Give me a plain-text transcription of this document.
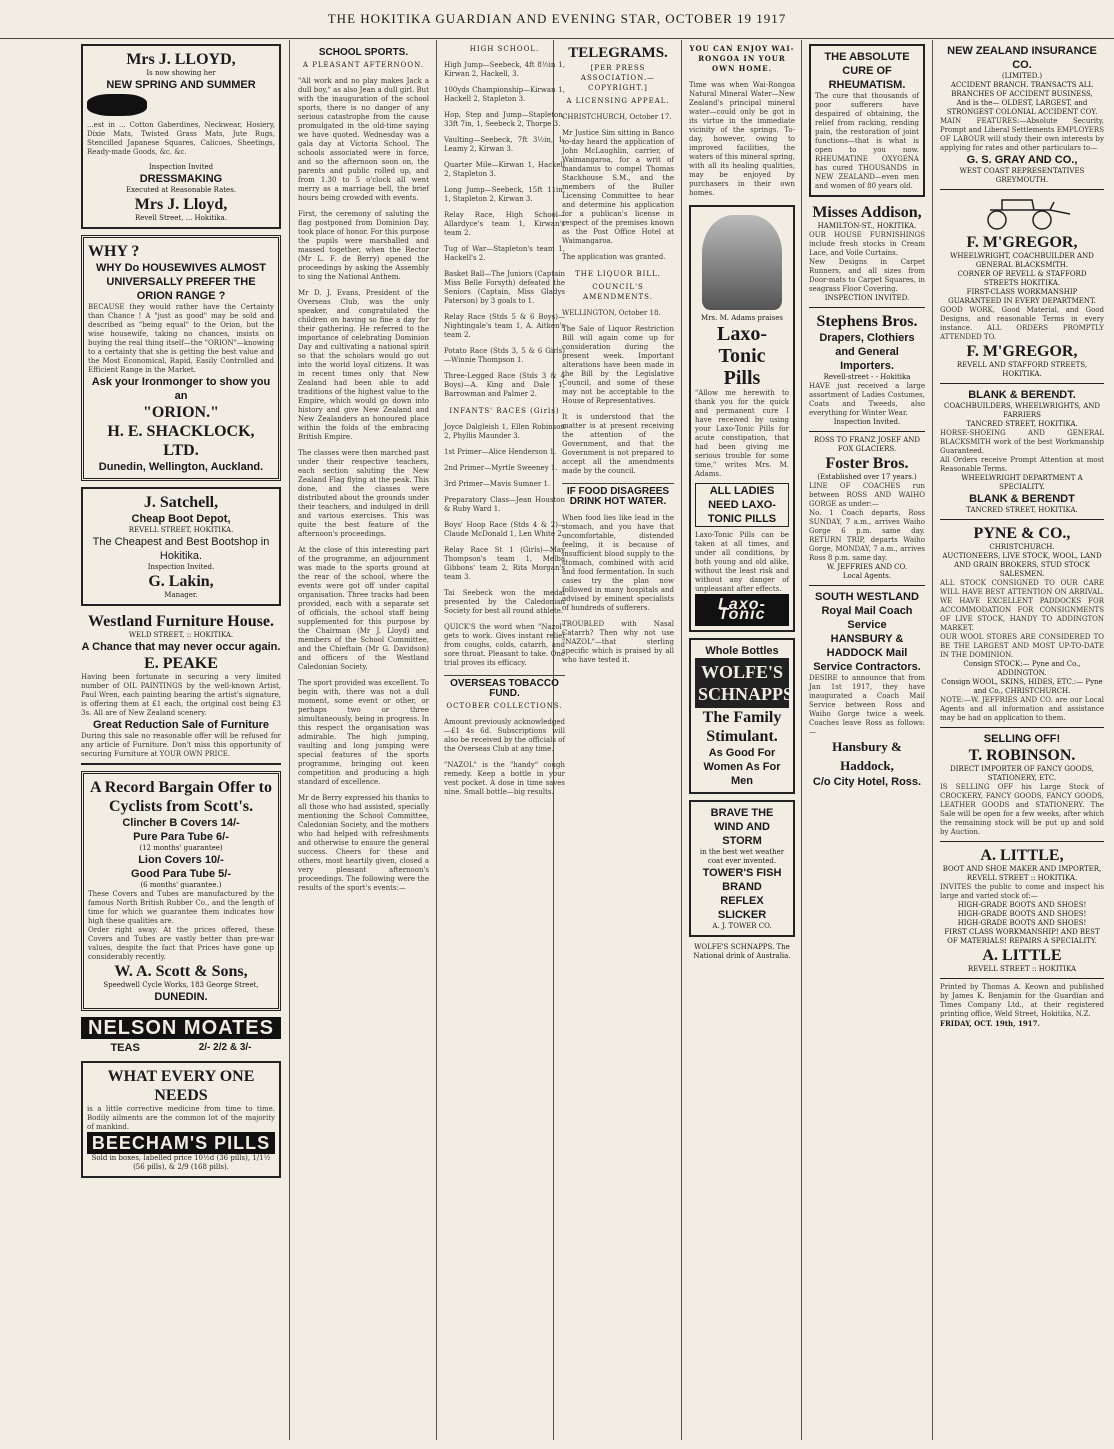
THE HOKITIKA GUARDIAN AND EVENING STAR, OCTOBER 19 1917
Mrs J. LLOYD,
Is now showing her
NEW SPRING AND SUMMER
...est in ... Cotton Gaberdines, Neckwear, Hosiery, Dixie Mats, Twisted Grass Mats, Jute Rugs, Stencilled Japanese Squares, Calicoes, Sheetings, Ready-made Goods, &c. &c.
Inspection Invited
DRESSMAKING
Executed at Reasonable Rates.
Mrs J. Lloyd,
Revell Street, ... Hokitika.
WHY ?
WHY Do HOUSEWIVES ALMOST UNIVERSALLY PREFER THE ORION RANGE ?
BECAUSE they would rather have the Certainty than Chance ! A "just as good" may be sold and described as "being equal" to the Orion, but the wise housewife, taking no chances, insists on buying the real thing itself—the "ORION"—knowing to a certainty that she is getting the best value and the Most Economical, Rapid, Easily Controlled and Efficient Range in the Market.
Ask your Ironmonger to show you an
"ORION."
H. E. SHACKLOCK, LTD.
Dunedin, Wellington, Auckland.
J. Satchell,
Cheap Boot Depot,
REVELL STREET, HOKITIKA.
The Cheapest and Best Bootshop in Hokitika.
Inspection Invited.
G. Lakin,
Manager.
Westland Furniture House.
WELD STREET, :: HOKITIKA.
A Chance that may never occur again.
E. PEAKE
Having been fortunate in securing a very limited number of OIL PAINTINGS by the well-known Artist, Paul Wren, each painting bearing the artist's signature, is offering them at £1 each, the original cost being £3 3s. All are of New Zealand scenery.
Great Reduction Sale of Furniture
During this sale no reasonable offer will be refused for any article of Furniture. Don't miss this opportunity of securing Furniture at YOUR OWN PRICE.
A Record Bargain Offer to Cyclists from Scott's.
Clincher B Covers 14/-
Pure Para Tube 6/-
(12 months' guarantee)
Lion Covers 10/-
Good Para Tube 5/-
(6 months' guarantee.)
These Covers and Tubes are manufactured by the famous North British Rubber Co., and the length of time for which we guarantee them indicates how high these qualities are.
Order right away. At the prices offered, these Covers and Tubes are vastly better than pre-war values, despite the fact that Prices have gone up considerably recently.
W. A. Scott & Sons,
Speedwell Cycle Works, 183 George Street,
DUNEDIN.
NELSON MOATES
TEAS	2/- 2/2 & 3/-
WHAT EVERY ONE NEEDS
is a little corrective medicine from time to time. Bodily ailments are the common lot of the majority of mankind.
BEECHAM'S PILLS
Sold in boxes, labelled price 10½d (36 pills), 1/1½ (56 pills), & 2/9 (168 pills).
SCHOOL SPORTS.
A PLEASANT AFTERNOON.

"All work and no play makes Jack a dull boy," as also Jean a dull girl. But with the inauguration of the school sports, there is no danger of any serious catastrophe from the cause promulgated in the old-time saying we have quoted. Wednesday was a gala day at Victoria School. The schools associated were in force, and so the afternoon soon on, the parents and public rolled up, and from 1.30 to 5 o'clock all went merry as a marriage bell, the brief hours being crowded with events.

First, the ceremony of saluting the flag postponed from Dominion Day, took place of honor. For this purpose the pupils were marshalled and massed together, when the Rector (Mr L. F. de Berry) opened the proceedings by asking the Assembly to sing the National Anthem.

Mr D. J. Evans, President of the Overseas Club, was the only speaker, and congratulated the children on having so fine a day for their gathering. He referred to the importance of celebrating Dominion Day and cultivating a national spirit so that the scholars would go out into the world loyal citizens. It was in recent times only that New Zealand had been able to add traditions of the highest value to the Empire, which would go down into history and give New Zealand and New Zealanders an honoured place within the folds of the embracing British Empire.

The classes were then marched past under their respective teachers, each section saluting the New Zealand Flag flying at the peak. This done, and the classes were distributed about the grounds under their teachers, and indulged in drill and various exercises. This was quite the best feature of the afternoon's proceedings.

At the close of this interesting part of the programme, an adjournment was made to the sports ground at the rear of the school, where the events were got off under capital organisation. Three tracks had been provided, each with a separate set of officials, the school staff being supplemented for this purpose by the Chairman (Mr J. Lloyd) and members of the School Committee, and the Chieftain (Mr G. Davidson) and officers of the Westland Caledonian Society.

The sport provided was excellent. To begin with, there was not a dull moment, some event or other, or perhaps two or three simultaneously, being in progress. In this respect the organisation was admirable. The high jumping, vaulting and long jumping were special features of the sports programme, bringing out keen competition and producing a high standard of excellence.

Mr de Berry expressed his thanks to all those who had assisted, specially mentioning the School Committee, Caledonian Society, and the mothers who had helped with refreshments and otherwise to ensure the general success. Cheers for these and others, most heartily given, closed a very pleasant afternoon's proceedings. The following were the results of the sport's events:—

HIGH SCHOOL.

High Jump—Seebeck, 4ft 8½in 1, Kirwan 2, Hackell, 3.

100yds Championship—Kirwan 1, Hackell 2, Stapleton 3.

Hop, Step and Jump—Stapleton, 33ft 7in, 1, Seebeck 2, Thorpe 3.

Vaulting—Seebeck, 7ft 3½in, 1, Leamy 2, Kirwan 3.

Quarter Mile—Kirwan 1, Hackell 2, Stapleton 3.

Long Jump—Seebeck, 15ft 11in, 1, Stapleton 2, Kirwan 3.

Relay Race, High School—Allardyce's team 1, Kirwan's team 2.

Tug of War—Stapleton's team 1, Hackell's 2.

Basket Ball—The Juniors (Captain Miss Belle Forsyth) defeated the Seniors (Captain, Miss Gladys Paterson) by 3 goals to 1.

Relay Race (Stds 5 & 6 Boys)—Nightingale's team 1, A. Aitken's team 2.

Potato Race (Stds 3, 5 & 6 Girls)—Winnie Thompson 1.

Three-Legged Race (Stds 3 & 4 Boys)—A. King and Dale 1, Barrowman and Palmer 2.

INFANTS' RACES (Girls)

Joyce Dalgleish 1, Ellen Robinson 2, Phyllis Maunder 3.

1st Primer—Alice Henderson 1.

2nd Primer—Myrtle Sweeney 1.

3rd Primer—Mavis Sumner 1.

Preparatory Class—Jean Houston & Ruby Ward 1.

Boys' Hoop Race (Stds 4 & 2)—Claude McDonald 1, Len White 2.

Relay Race St 1 (Girls)—May Thompson's team 1, Melba Gibbons' team 2, Rita Morgan's team 3.

Tai Seebeck won the medal presented by the Caledonian Society for best all round athlete.

QUICK'S the word when "Nazol" gets to work. Gives instant relief from coughs, colds, catarrh, and sore throat. Pleasant to take. One trial proves its efficacy.

OVERSEAS TOBACCO FUND.
OCTOBER COLLECTIONS.

Amount previously acknowledged—£1 4s 6d. Subscriptions will also be received by the officials of the Overseas Club at any time.

"NAZOL" is the "handy" cough remedy. Keep a bottle in your vest pocket. A dose in time saves nine. Small bottle—big results.

TELEGRAMS.
[PER PRESS ASSOCIATION.—COPYRIGHT.]
A LICENSING APPEAL.

CHRISTCHURCH, October 17.

Mr Justice Sim sitting in Banco to-day heard the application of John McLaughlin, carrier, of Waimangaroa, for a writ of mandamus to compel Thomas Stackhouse S.M., and the members of the Buller Licensing Committee to hear and determine his application for a publican's license in respect of the premises known as the Post Office Hotel at Waimangaroa.

The application was granted.

THE LIQUOR BILL.
COUNCIL'S AMENDMENTS.

WELLINGTON, October 18.

The Sale of Liquor Restriction Bill will again come up for consideration during the present week. Important alterations have been made in the Bill by the Legislative Council, and some of these may not be acceptable to the House of Representatives.

It is understood that the matter is at present receiving the attention of the Government, and that the Government is not prepared to accept all the amendments made by the council.

IF FOOD DISAGREES DRINK HOT WATER.

When food lies like lead in the stomach, and you have that uncomfortable, distended feeling, it is because of insufficient blood supply to the stomach, combined with acid and food fermentation. In such cases try the plan now followed in many hospitals and advised by eminent specialists of hundreds of sufferers.

TROUBLED with Nasal Catarrh? Then why not use "NAZOL"—that sterling specific which is praised by all who have tested it.

YOU CAN ENJOY WAI-RONGOA IN YOUR OWN HOME.

Time was when Wai-Rongoa Natural Mineral Water—New Zealand's principal mineral water—could only be got in its virtue in the immediate vicinity of the springs. To-day, however, owing to improved facilities, the waters of this mineral spring, with all its healing qualities, may be enjoyed by purchasers in their own homes.

Mrs. M. Adams praises
Laxo-Tonic
Pills
"Allow me herewith to thank you for the quick and permanent cure I have received by using your Laxo-Tonic Pills for acute constipation, that had been giving me serious trouble for some time," writes Mrs. M. Adams.
ALL LADIES NEED LAXO-TONIC PILLS
Laxo-Tonic Pills can be taken at all times, and under all conditions, by both young and old alike, without the least risk and without any danger of unpleasant after effects.
Laxo-Tonic
Whole Bottles
WOLFE'S SCHNAPPS
The Family
Stimulant.
As Good For Women As For Men
BRAVE THE WIND AND STORM
in the best wet weather coat ever invented.
TOWER'S FISH BRAND
REFLEX SLICKER
A. J. TOWER CO.
WOLFE'S SCHNAPPS. The National drink of Australia.
THE ABSOLUTE CURE OF RHEUMATISM.
The cure that thousands of poor sufferers have despaired of obtaining, the relief from racking, rending pain, the restoration of joint functions—that is what is open to you now. RHEUMATINE OXYGENA has cured THOUSANDS in NEW ZEALAND—even men and women of 80 years old.
Misses Addison,
HAMILTON-ST., HOKITIKA.
OUR HOUSE FURNISHINGS include fresh stocks in Cream Lace, and Voile Curtains.
New Designs in Carpet Runners, and all sizes from Door-mats to Carpet Squares, in seagrass Floor Covering.
INSPECTION INVITED.
Stephens Bros.
Drapers, Clothiers and General Importers.
Revell-street - - Hokitika
HAVE just received a large assortment of Ladies Costumes, Coats and Tweeds, also everything for Winter Wear.
Inspection Invited.
ROSS TO FRANZ JOSEF AND FOX GLACIERS.
Foster Bros.
(Established over 17 years.)
LINE OF COACHES run between ROSS AND WAIHO GORGE as under:—
No. 1 Coach departs, Ross SUNDAY, 7 a.m., arrives Waiho Gorge 6 p.m. same day. RETURN TRIP, departs Waiho Gorge, MONDAY, 7 a.m., arrives Ross 8 p.m. same day.
W. JEFFRIES AND CO.
Local Agents.
SOUTH WESTLAND Royal Mail Coach Service
HANSBURY & HADDOCK Mail Service Contractors.
DESIRE to announce that from Jan 1st 1917, they have inaugurated a Coach Mail Service between Ross and Waiho Gorge twice a week. Coaches leave Ross as follows:—
Hansbury & Haddock,
C/o City Hotel, Ross.
NEW ZEALAND INSURANCE CO.
(LIMITED.)
ACCIDENT BRANCH. TRANSACTS ALL BRANCHES OF ACCIDENT BUSINESS,
And is the— OLDEST, LARGEST, and STRONGEST COLONIAL ACCIDENT COY.
MAIN FEATURES:—Absolute Security, Prompt and Liberal Settlements EMPLOYERS OF LABOUR will study their own interests by applying for rates and other particulars to—
G. S. GRAY AND CO.,
WEST COAST REPRESENTATIVES GREYMOUTH.
F. M'GREGOR,
WHEELWRIGHT, COACHBUILDER AND GENERAL BLACKSMITH.
CORNER OF REVELL & STAFFORD STREETS HOKITIKA.
FIRST-CLASS WORKMANSHIP GUARANTEED IN EVERY DEPARTMENT.
GOOD WORK, Good Material, and Good Designs, and reasonable Terms in every instance. ALL ORDERS PROMPTLY ATTENDED TO.
F. M'GREGOR,
REVELL AND STAFFORD STREETS, HOKITIKA.
BLANK & BERENDT.
COACHBUILDERS, WHEELWRIGHTS, AND FARRIERS
TANCRED STREET, HOKITIKA.
HORSE-SHOEING AND GENERAL BLACKSMITH work of the best Workmanship Guaranteed.
All Orders receive Prompt Attention at most Reasonable Terms.
WHEELWRIGHT DEPARTMENT A SPECIALITY.
BLANK & BERENDT
TANCRED STREET, HOKITIKA.
PYNE & CO.,
CHRISTCHURCH.
AUCTIONEERS, LIVE STOCK, WOOL, LAND AND GRAIN BROKERS, STUD STOCK SALESMEN.
ALL STOCK CONSIGNED TO OUR CARE WILL HAVE BEST ATTENTION ON ARRIVAL. WE HAVE EXCELLENT PADDOCKS FOR ACCOMMODATION FOR CONSIGNMENTS OF LIVE STOCK, HANDY TO ADDINGTON MARKET.
OUR WOOL STORES ARE CONSIDERED TO BE THE LARGEST AND MOST UP-TO-DATE IN THE DOMINION.
Consign STOCK:— Pyne and Co., ADDINGTON.
Consign WOOL, SKINS, HIDES, ETC.:— Pyne and Co., CHRISTCHURCH.
NOTE:—W. JEFFRIES AND CO. are our Local Agents and all information and assistance may be had on application to them.
SELLING OFF!
T. ROBINSON.
DIRECT IMPORTER OF FANCY GOODS, STATIONERY, ETC.
IS SELLING OFF his Large Stock of CROCKERY, FANCY GOODS, FANCY GOODS, LEATHER GOODS and STATIONERY. The Sale will be open for a few weeks, after which the remaining stock will be put up and sold by Auction.
A. LITTLE,
BOOT AND SHOE MAKER AND IMPORTER, REVELL STREET :: HOKITIKA.
INVITES the public to come and inspect his large and varied stock of:—
HIGH-GRADE BOOTS AND SHOES!
HIGH-GRADE BOOTS AND SHOES!
HIGH-GRADE BOOTS AND SHOES!
FIRST CLASS WORKMANSHIP! AND BEST OF MATERIALS! REPAIRS A SPECIALITY.
A. LITTLE
REVELL STREET :: HOKITIKA
Printed by Thomas A. Keown and published by James K. Benjamin for the Guardian and Times Company Ltd., at their registered printing office, Weld Street, Hokitika, N.Z.
FRIDAY, OCT. 19th, 1917.
